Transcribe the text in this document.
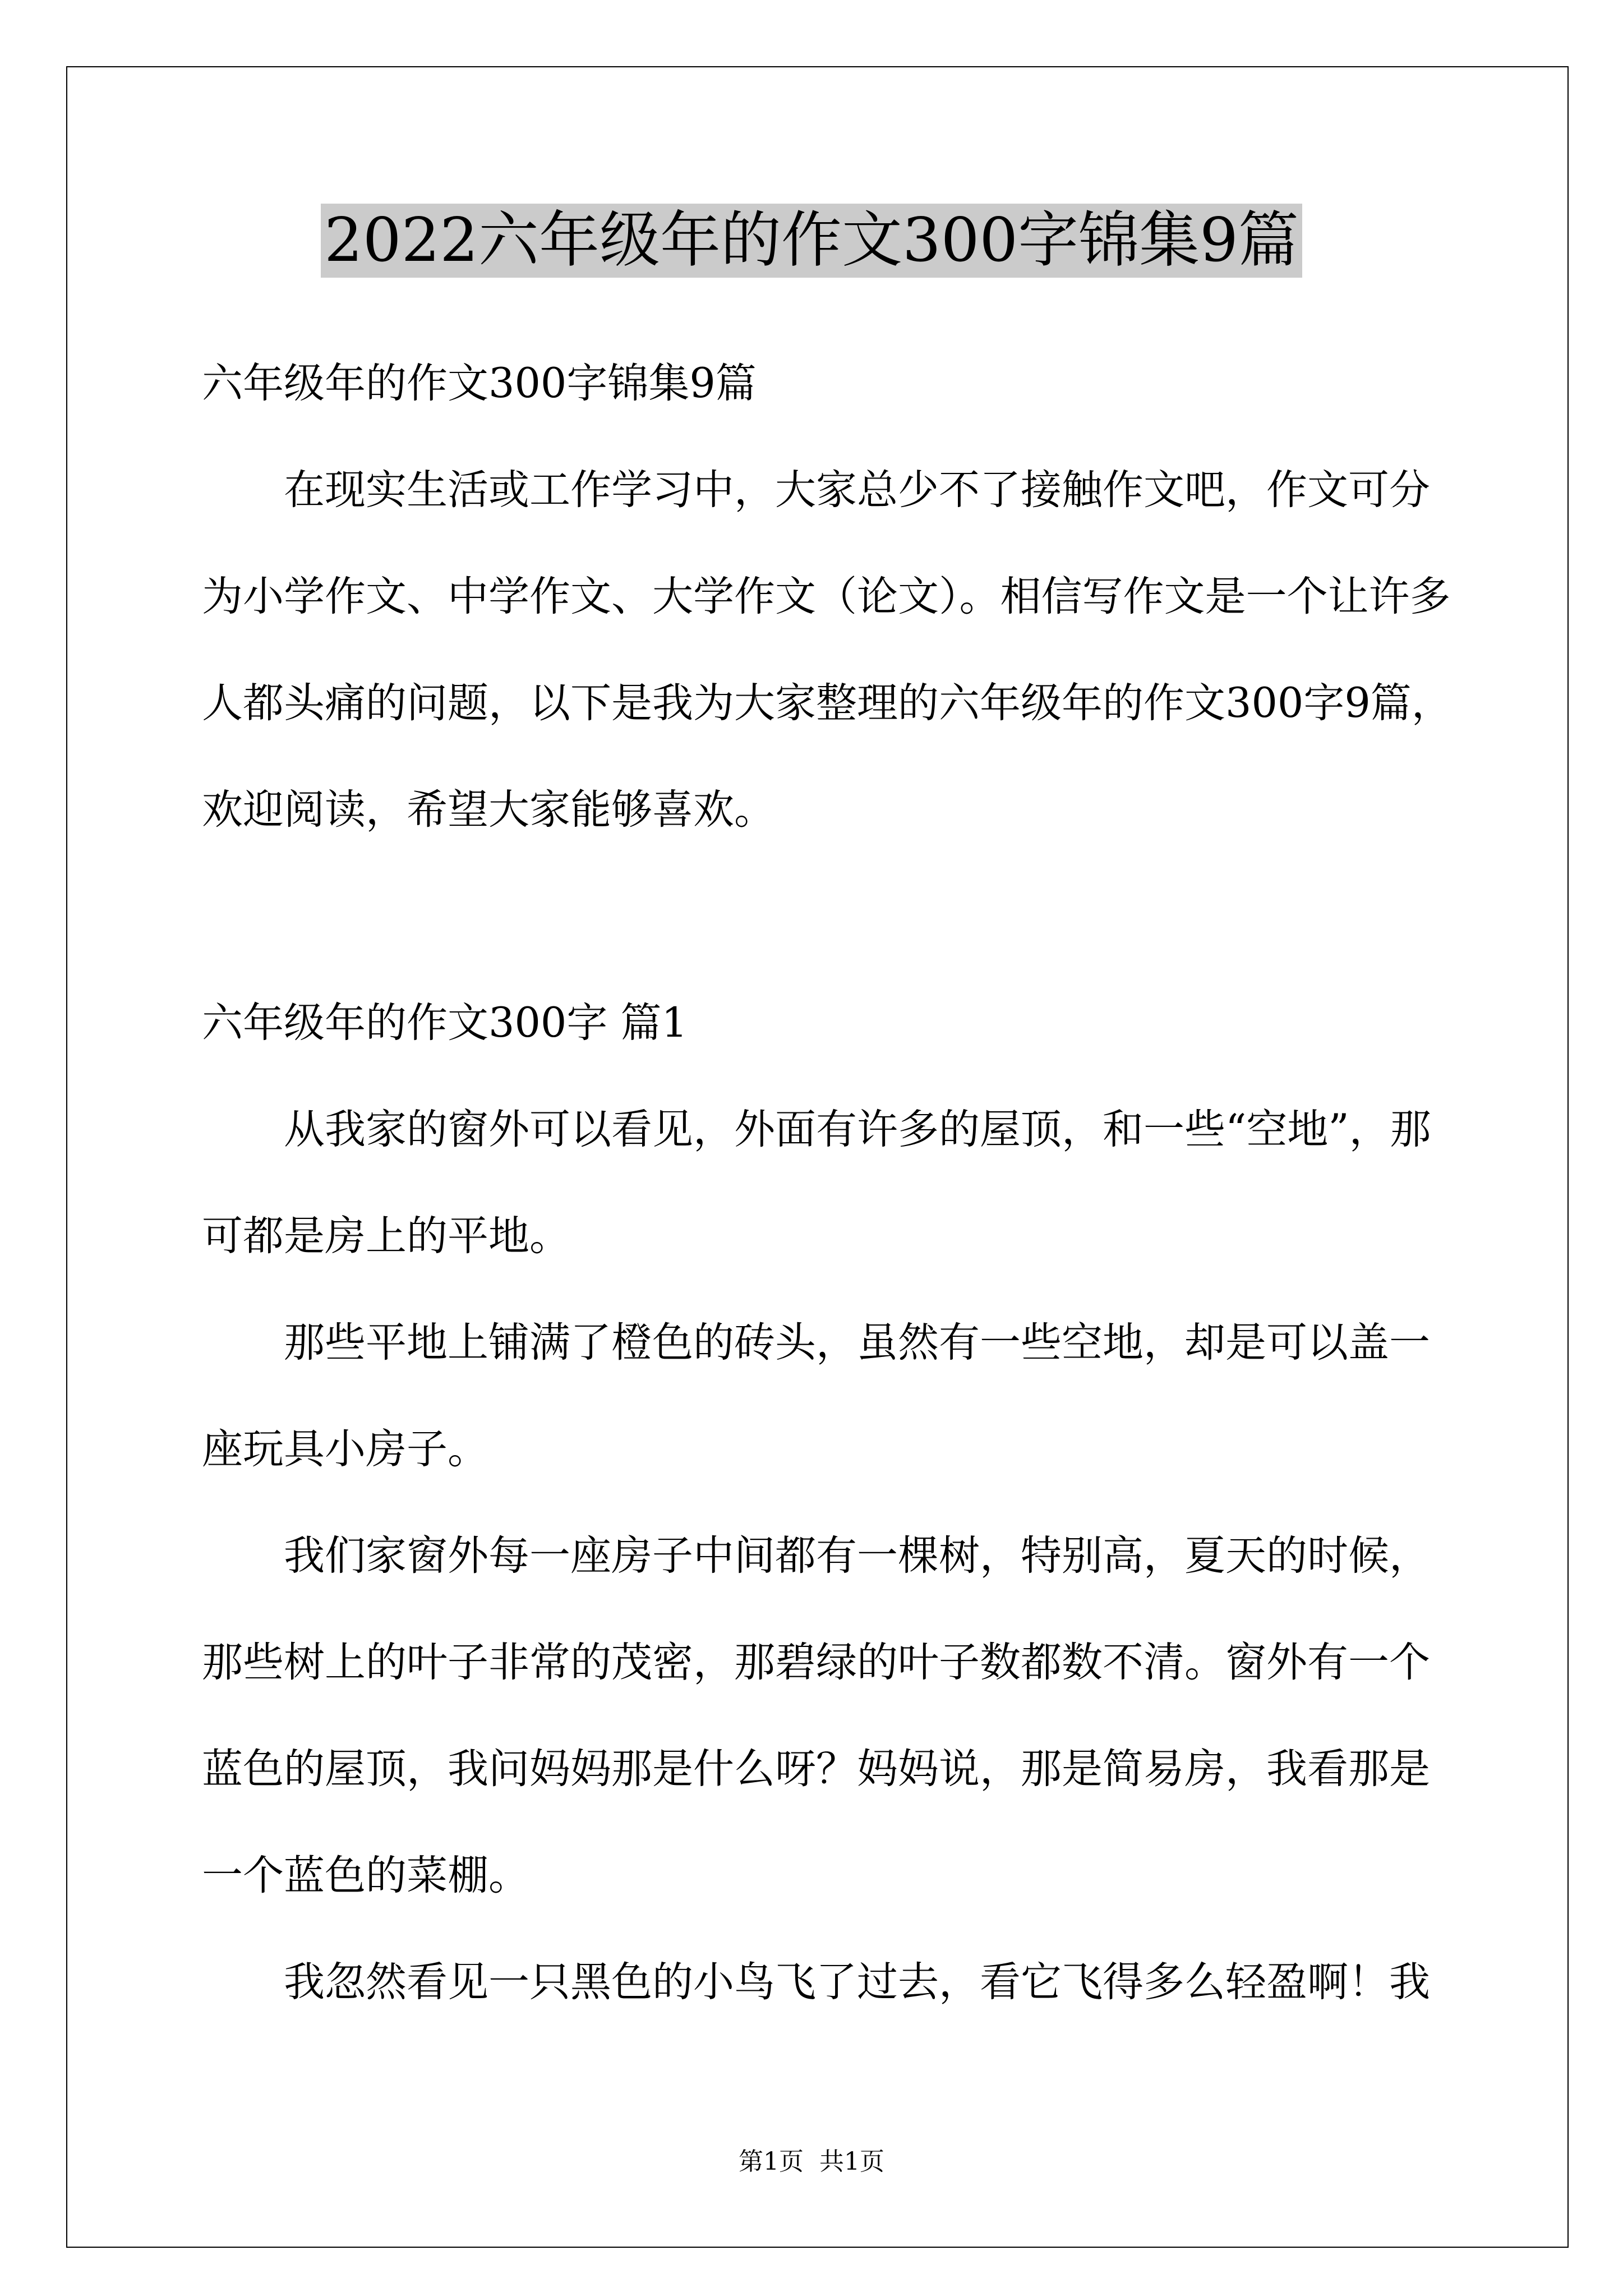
2022六年级年的作文300字锦集9篇
六年级年的作文300字锦集9篇
在现实生活或工作学习中，大家总少不了接触作文吧，作文可分
为小学作文、中学作文、大学作文（论文）。相信写作文是一个让许多
人都头痛的问题，以下是我为大家整理的六年级年的作文300字9篇，
欢迎阅读，希望大家能够喜欢。
六年级年的作文300字 篇1
从我家的窗外可以看见，外面有许多的屋顶，和一些“空地”，那
可都是房上的平地。
那些平地上铺满了橙色的砖头，虽然有一些空地，却是可以盖一
座玩具小房子。
我们家窗外每一座房子中间都有一棵树，特别高，夏天的时候，
那些树上的叶子非常的茂密，那碧绿的叶子数都数不清。窗外有一个
蓝色的屋顶，我问妈妈那是什么呀？妈妈说，那是简易房，我看那是
一个蓝色的菜棚。
我忽然看见一只黑色的小鸟飞了过去，看它飞得多么轻盈啊！我
第1页  共1页
